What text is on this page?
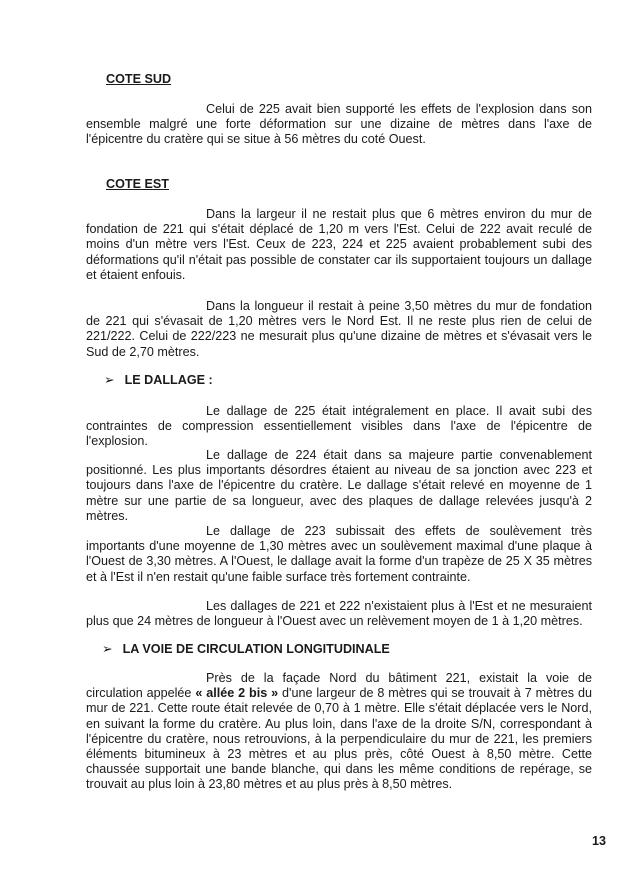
COTE SUD

Celui de 225 avait bien supporté les effets de l'explosion dans son ensemble malgré une forte déformation sur une dizaine de mètres dans l'axe de l'épicentre du cratère qui se situe à 56 mètres du coté Ouest.

COTE EST

Dans la largeur il ne restait plus que 6 mètres environ du mur de fondation de 221 qui s'était déplacé de 1,20 m vers l'Est. Celui de 222 avait reculé de moins d'un mètre vers l'Est. Ceux de 223, 224 et 225 avaient probablement subi des déformations qu'il n'était pas possible de constater car ils supportaient toujours un dallage et étaient enfouis.

Dans la longueur il restait à peine 3,50 mètres du mur de fondation de 221 qui s'évasait de 1,20 mètres vers le Nord Est. Il ne reste plus rien de celui de 221/222. Celui de 222/223 ne mesurait plus qu'une dizaine de mètres et s'évasait vers le Sud de 2,70 mètres.

➢ LE DALLAGE :

Le dallage de 225 était intégralement en place. Il avait subi des contraintes de compression essentiellement visibles dans l'axe de l'épicentre de l'explosion.

Le dallage de 224 était dans sa majeure partie convenablement positionné. Les plus importants désordres étaient au niveau de sa jonction avec 223 et toujours dans l'axe de l'épicentre du cratère. Le dallage s'était relevé en moyenne de 1 mètre sur une partie de sa longueur, avec des plaques de dallage relevées jusqu'à 2 mètres.

Le dallage de 223 subissait des effets de soulèvement très importants d'une moyenne de 1,30 mètres avec un soulèvement maximal d'une plaque à l'Ouest de 3,30 mètres. A l'Ouest, le dallage avait la forme d'un trapèze de 25 X 35 mètres et à l'Est il n'en restait qu'une faible surface très fortement contrainte.

Les dallages de 221 et 222 n'existaient plus à l'Est et ne mesuraient plus que 24 mètres de longueur à l'Ouest avec un relèvement moyen de 1 à 1,20 mètres.

➢ LA VOIE DE CIRCULATION LONGITUDINALE

Près de la façade Nord du bâtiment 221, existait la voie de circulation appelée « allée 2 bis » d'une largeur de 8 mètres qui se trouvait à 7 mètres du mur de 221. Cette route était relevée de 0,70 à 1 mètre. Elle s'était déplacée vers le Nord, en suivant la forme du cratère. Au plus loin, dans l'axe de la droite S/N, correspondant à l'épicentre du cratère, nous retrouvions, à la perpendiculaire du mur de 221, les premiers éléments bitumineux à 23 mètres et au plus près, côté Ouest à 8,50 mètre. Cette chaussée supportait une bande blanche, qui dans les même conditions de repérage, se trouvait au plus loin à 23,80 mètres et au plus près à 8,50 mètres.

13
